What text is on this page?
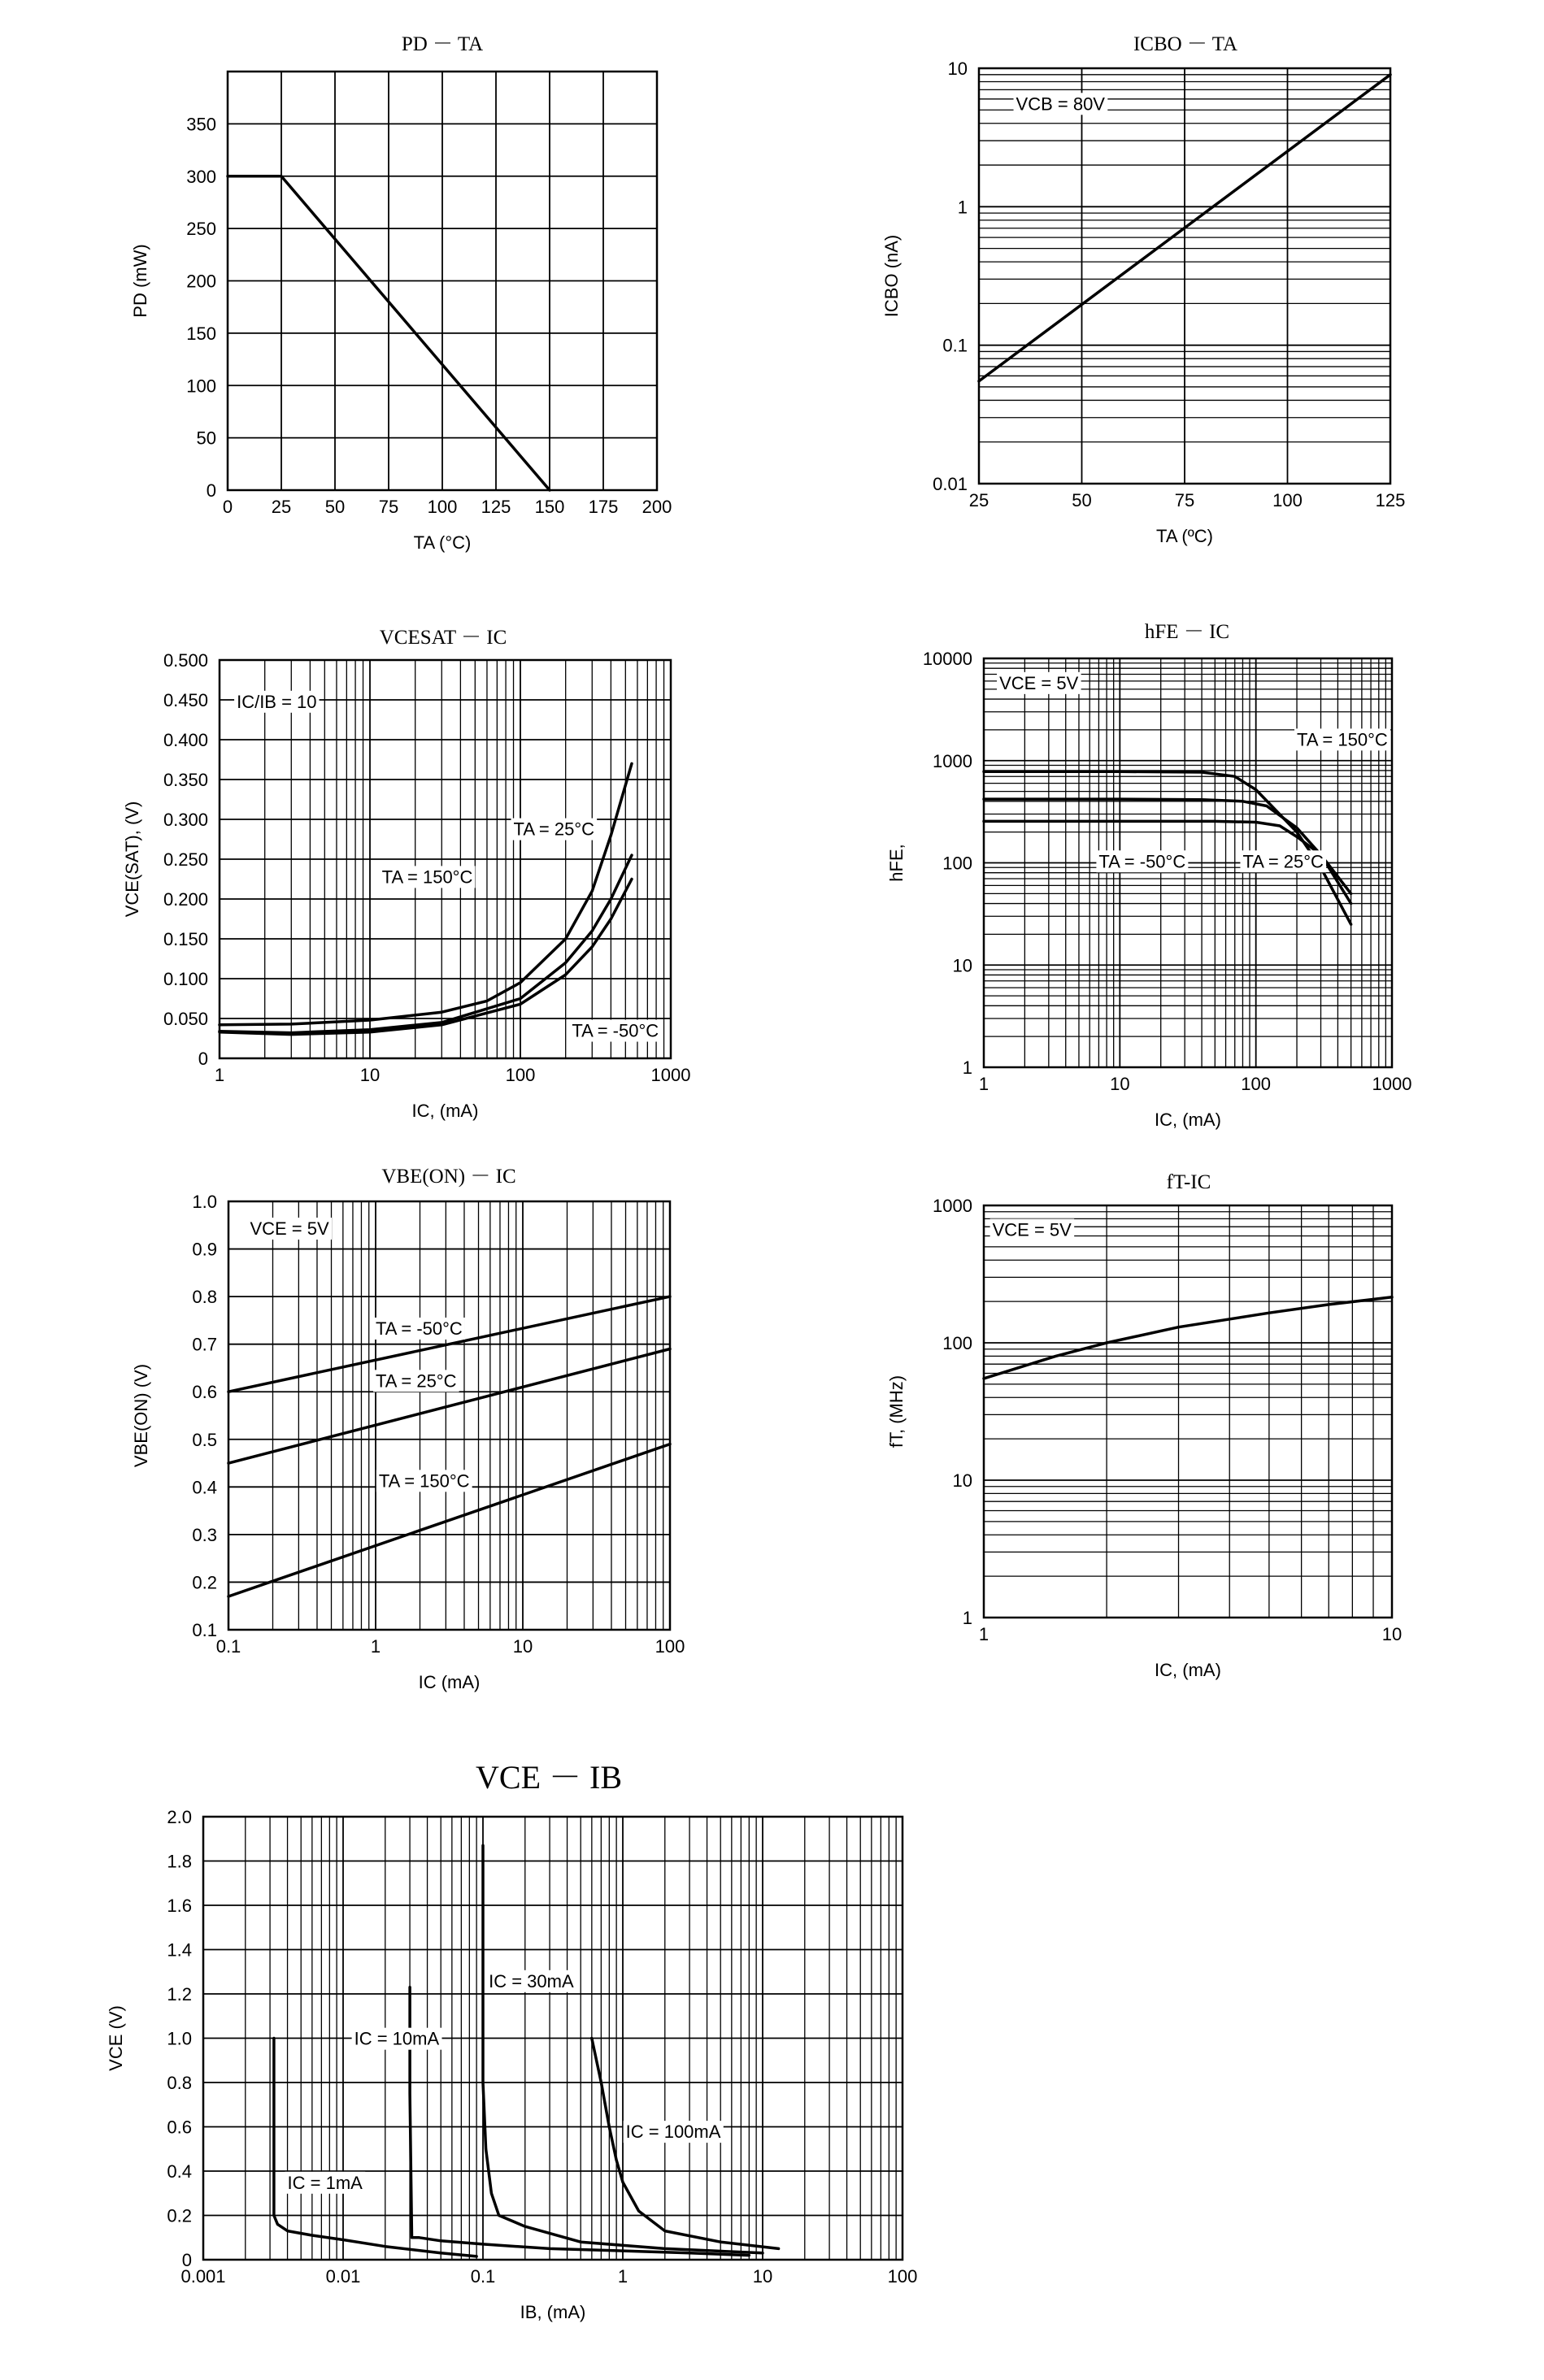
PD － TA
0 25 50 75 100 125 150 175 200
0
50
100
150
200
250
300
350
TA (°C)
PD (mW)
ICBO － TA
25	50	75	100	125
0.01
0.1
1
10
TA (ºC)
ICBO (nA)
VCB = 80V
VCESAT － IC
1	10	100	1000
0
0.050
0.100
0.150
0.200
0.250
0.300
0.350
0.400
0.450
0.500
IC, (mA)
VCE(SAT), (V)
IC/IB = 10
TA = 25°C
TA = 150°C
TA = -50°C
hFE － IC
1	10	100	1000
1
10
100
1000
10000
IC, (mA)
hFE,
VCE = 5V
TA = 150°C
TA = -50°C	TA = 25°C
VBE(ON) － IC
0.1	1	10	100
0.1
0.2
0.3
0.4
0.5
0.6
0.7
0.8
0.9
1.0
IC (mA)
VBE(ON) (V)
VCE = 5V
TA = -50°C
TA = 25°C
TA = 150°C
fT-IC
1	10
1
10
100
1000
IC, (mA)
fT, (MHz)
VCE = 5V
VCE － IB
0.001	0.01	0.1	1	10	100
0
0.2
0.4
0.6
0.8
1.0
1.2
1.4
1.6
1.8
2.0
IB, (mA)
VCE (V)
IC = 1mA
IC = 10mA
IC = 30mA
IC = 100mA
